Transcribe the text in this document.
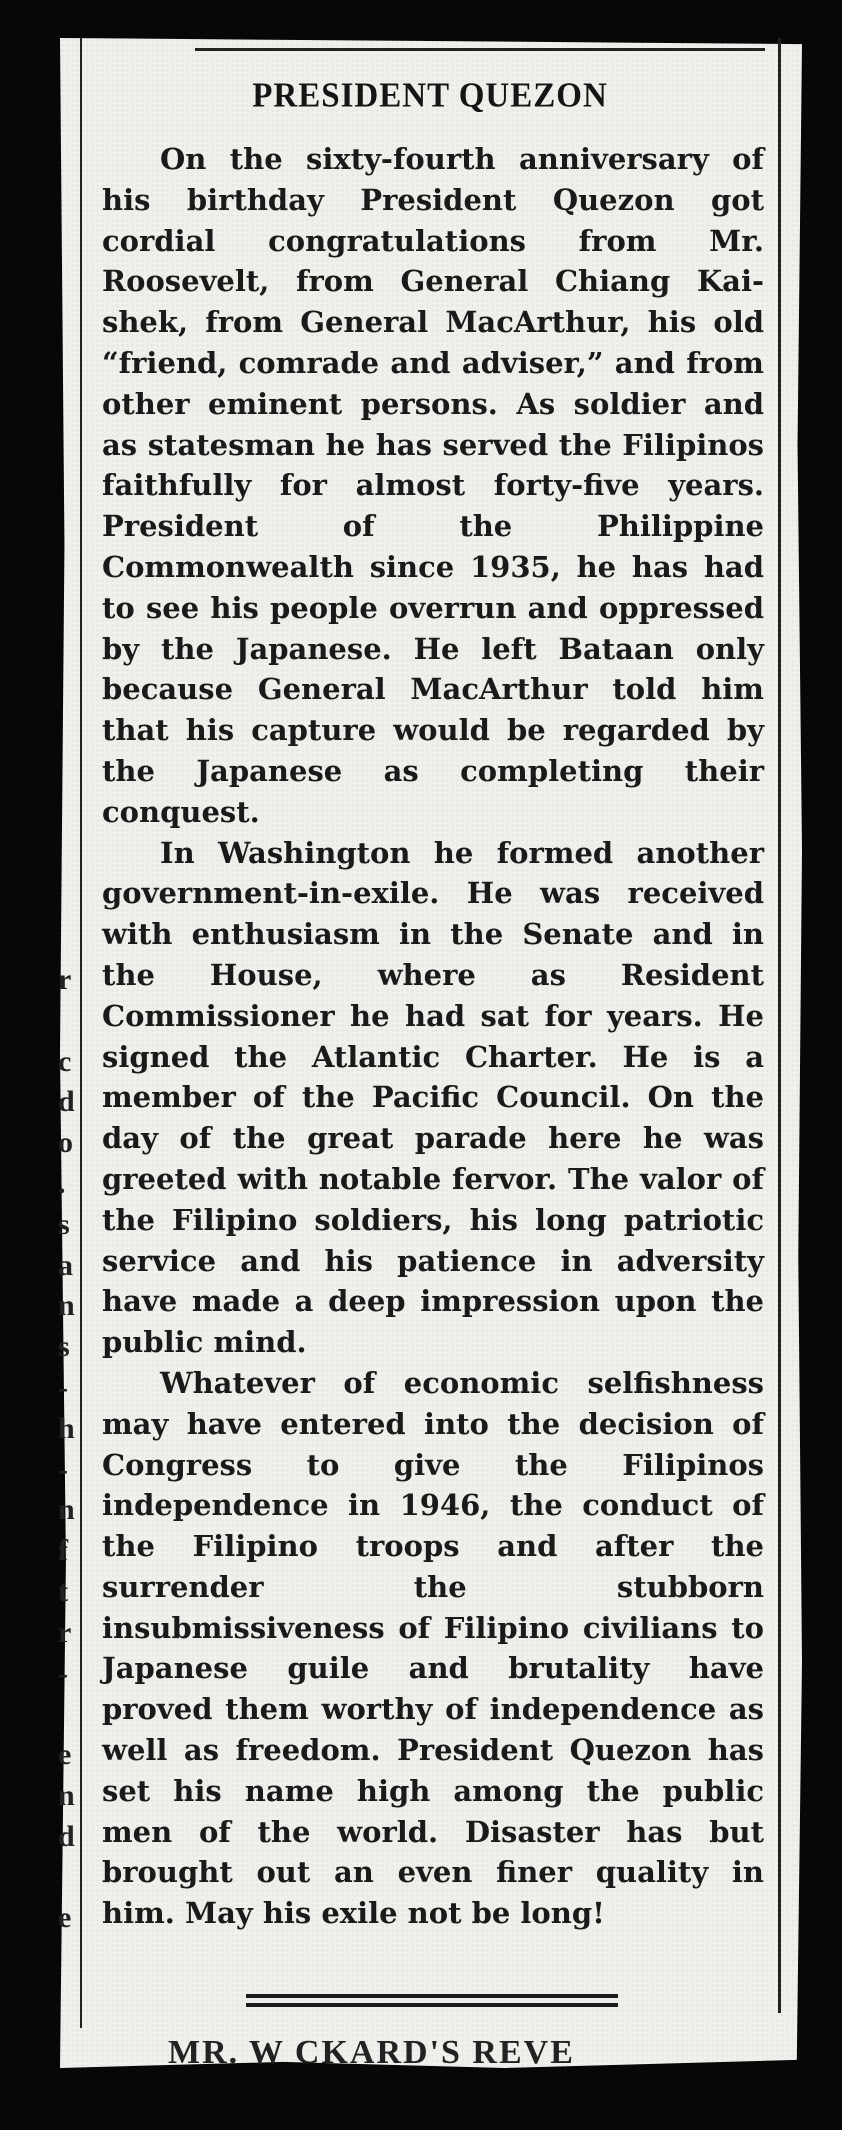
r
c
d
o
.
s
a
n
s
-
h
-
n
f
t
r
-
e
n
d
e
PRESIDENT QUEZON

On the sixty-fourth anniversary of his birthday President Quezon got cordial congratulations from Mr. Roosevelt, from General Chiang Kai-shek, from General MacArthur, his old “friend, comrade and adviser,” and from other eminent persons. As soldier and as statesman he has served the Filipinos faithfully for almost forty-five years. President of the Philippine Commonwealth since 1935, he has had to see his people overrun and oppressed by the Japanese. He left Bataan only because General MacArthur told him that his capture would be regarded by the Japanese as completing their conquest.

In Washington he formed another government-in-exile. He was received with enthusiasm in the Senate and in the House, where as Resident Commissioner he had sat for years. He signed the Atlantic Charter. He is a member of the Pacific Council. On the day of the great parade here he was greeted with notable fervor. The valor of the Filipino soldiers, his long patriotic service and his patience in adversity have made a deep impression upon the public mind.

Whatever of economic selfishness may have entered into the decision of Congress to give the Filipinos independence in 1946, the conduct of the Filipino troops and after the surrender the stubborn insubmissiveness of Filipino civilians to Japanese guile and brutality have proved them worthy of independence as well as freedom. President Quezon has set his name high among the public men of the world. Disaster has but brought out an even finer quality in him. May his exile not be long!

MR. W CKARD'S REVE
